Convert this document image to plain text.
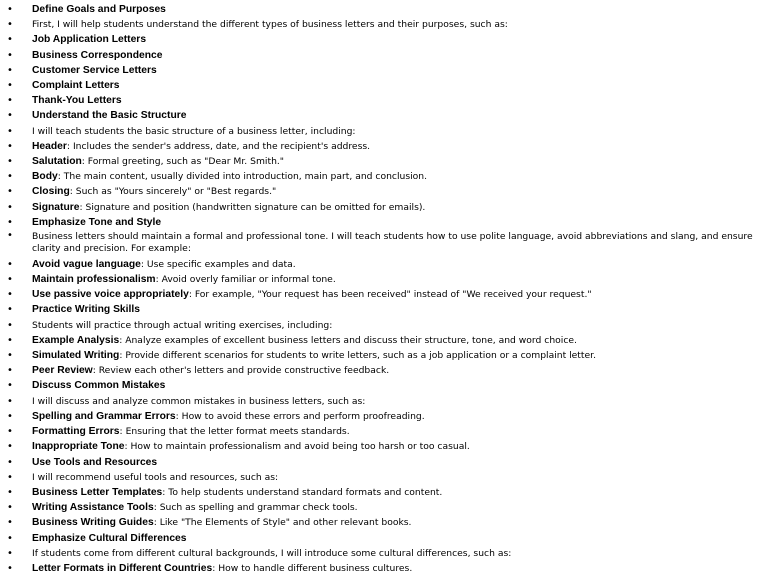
• Define Goals and Purposes
• First, I will help students understand the different types of business letters and their purposes, such as:
• Job Application Letters
• Business Correspondence
• Customer Service Letters
• Complaint Letters
• Thank-You Letters
• Understand the Basic Structure
• I will teach students the basic structure of a business letter, including:
• Header: Includes the sender's address, date, and the recipient's address.
• Salutation: Formal greeting, such as "Dear Mr. Smith."
• Body: The main content, usually divided into introduction, main part, and conclusion.
• Closing: Such as "Yours sincerely" or "Best regards."
• Signature: Signature and position (handwritten signature can be omitted for emails).
• Emphasize Tone and Style
• Business letters should maintain a formal and professional tone. I will teach students how to use polite language, avoid abbreviations and slang, and ensure clarity and precision. For example:
• Avoid vague language: Use specific examples and data.
• Maintain professionalism: Avoid overly familiar or informal tone.
• Use passive voice appropriately: For example, "Your request has been received" instead of "We received your request."
• Practice Writing Skills
• Students will practice through actual writing exercises, including:
• Example Analysis: Analyze examples of excellent business letters and discuss their structure, tone, and word choice.
• Simulated Writing: Provide different scenarios for students to write letters, such as a job application or a complaint letter.
• Peer Review: Review each other's letters and provide constructive feedback.
• Discuss Common Mistakes
• I will discuss and analyze common mistakes in business letters, such as:
• Spelling and Grammar Errors: How to avoid these errors and perform proofreading.
• Formatting Errors: Ensuring that the letter format meets standards.
• Inappropriate Tone: How to maintain professionalism and avoid being too harsh or too casual.
• Use Tools and Resources
• I will recommend useful tools and resources, such as:
• Business Letter Templates: To help students understand standard formats and content.
• Writing Assistance Tools: Such as spelling and grammar check tools.
• Business Writing Guides: Like "The Elements of Style" and other relevant books.
• Emphasize Cultural Differences
• If students come from different cultural backgrounds, I will introduce some cultural differences, such as:
• Letter Formats in Different Countries: How to handle different business cultures.
